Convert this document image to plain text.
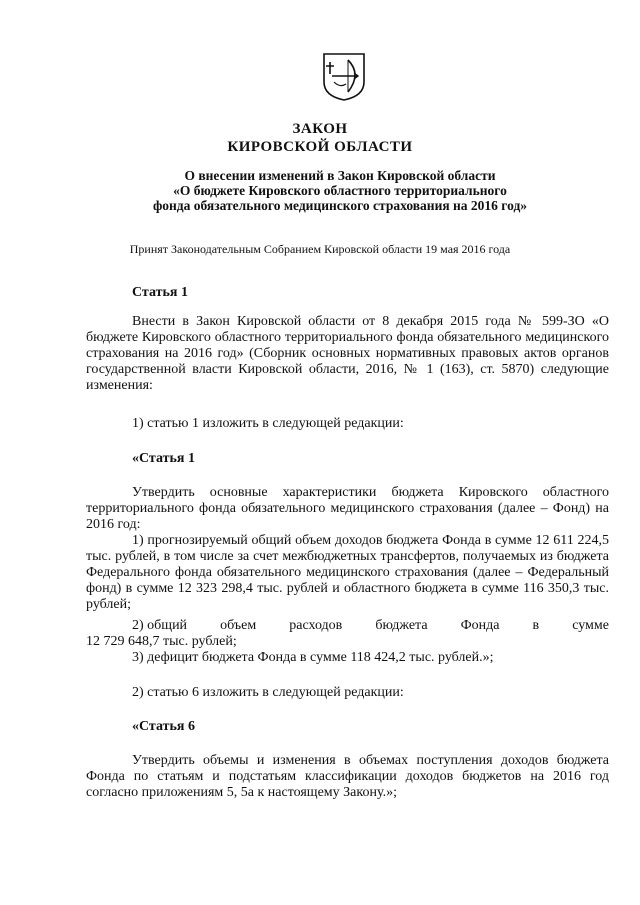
ЗАКОН
КИРОВСКОЙ ОБЛАСТИ
О внесении изменений в Закон Кировской области
«О бюджете Кировского областного территориального
фонда обязательного медицинского страхования на 2016 год»
Принят Законодательным Собранием Кировской области 19 мая 2016 года
Статья 1
Внести в Закон Кировской области от 8 декабря 2015 года № 599-ЗО «О бюджете Кировского областного территориального фонда обязательного медицинского страхования на 2016 год» (Сборник основных нормативных правовых актов органов государственной власти Кировской области, 2016, № 1 (163), ст. 5870) следующие изменения:
1) статью 1 изложить в следующей редакции:
«Статья 1
Утвердить основные характеристики бюджета Кировского областного территориального фонда обязательного медицинского страхования (далее – Фонд) на 2016 год:
1) прогнозируемый общий объем доходов бюджета Фонда в сумме 12 611 224,5 тыс. рублей, в том числе за счет межбюджетных трансфертов, получаемых из бюджета Федерального фонда обязательного медицинского страхования (далее – Федеральный фонд) в сумме 12 323 298,4 тыс. рублей и областного бюджета в сумме 116 350,3 тыс. рублей;
2) общий объем расходов бюджета Фонда в сумме
12 729 648,7 тыс. рублей;
3) дефицит бюджета Фонда в сумме 118 424,2 тыс. рублей.»;
2) статью 6 изложить в следующей редакции:
«Статья 6
Утвердить объемы и изменения в объемах поступления доходов бюджета Фонда по статьям и подстатьям классификации доходов бюджетов на 2016 год согласно приложениям 5, 5а к настоящему Закону.»;
